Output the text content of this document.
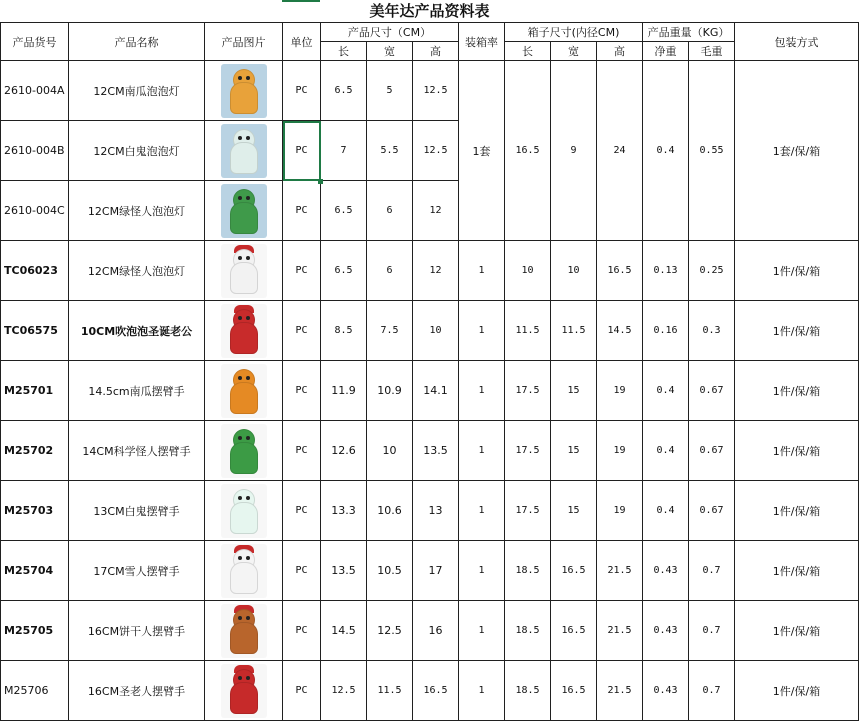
美年达产品资料表
产品货号	产品名称	产品图片	单位	产品尺寸（CM）			装箱率	箱子尺寸(内径CM)			产品重量（KG）		包装方式
				长	宽	高		长	宽	高	净重	毛重	
2610-004A	12CM南瓜泡泡灯		PC	6.5	5	12.5	1套	16.5	9	24	0.4	0.55	1套/保/箱
2610-004B	12CM白鬼泡泡灯		PC	7	5.5	12.5							
2610-004C	12CM绿怪人泡泡灯		PC	6.5	6	12							
TC06023	12CM绿怪人泡泡灯		PC	6.5	6	12	1	10	10	16.5	0.13	0.25	1件/保/箱
TC06575	10CM吹泡泡圣诞老公		PC	8.5	7.5	10	1	11.5	11.5	14.5	0.16	0.3	1件/保/箱
M25701	14.5cm南瓜摆臂手		PC	11.9	10.9	14.1	1	17.5	15	19	0.4	0.67	1件/保/箱
M25702	14CM科学怪人摆臂手		PC	12.6	10	13.5	1	17.5	15	19	0.4	0.67	1件/保/箱
M25703	13CM白鬼摆臂手		PC	13.3	10.6	13	1	17.5	15	19	0.4	0.67	1件/保/箱
M25704	17CM雪人摆臂手		PC	13.5	10.5	17	1	18.5	16.5	21.5	0.43	0.7	1件/保/箱
M25705	16CM饼干人摆臂手		PC	14.5	12.5	16	1	18.5	16.5	21.5	0.43	0.7	1件/保/箱
M25706	16CM圣老人摆臂手		PC	12.5	11.5	16.5	1	18.5	16.5	21.5	0.43	0.7	1件/保/箱
